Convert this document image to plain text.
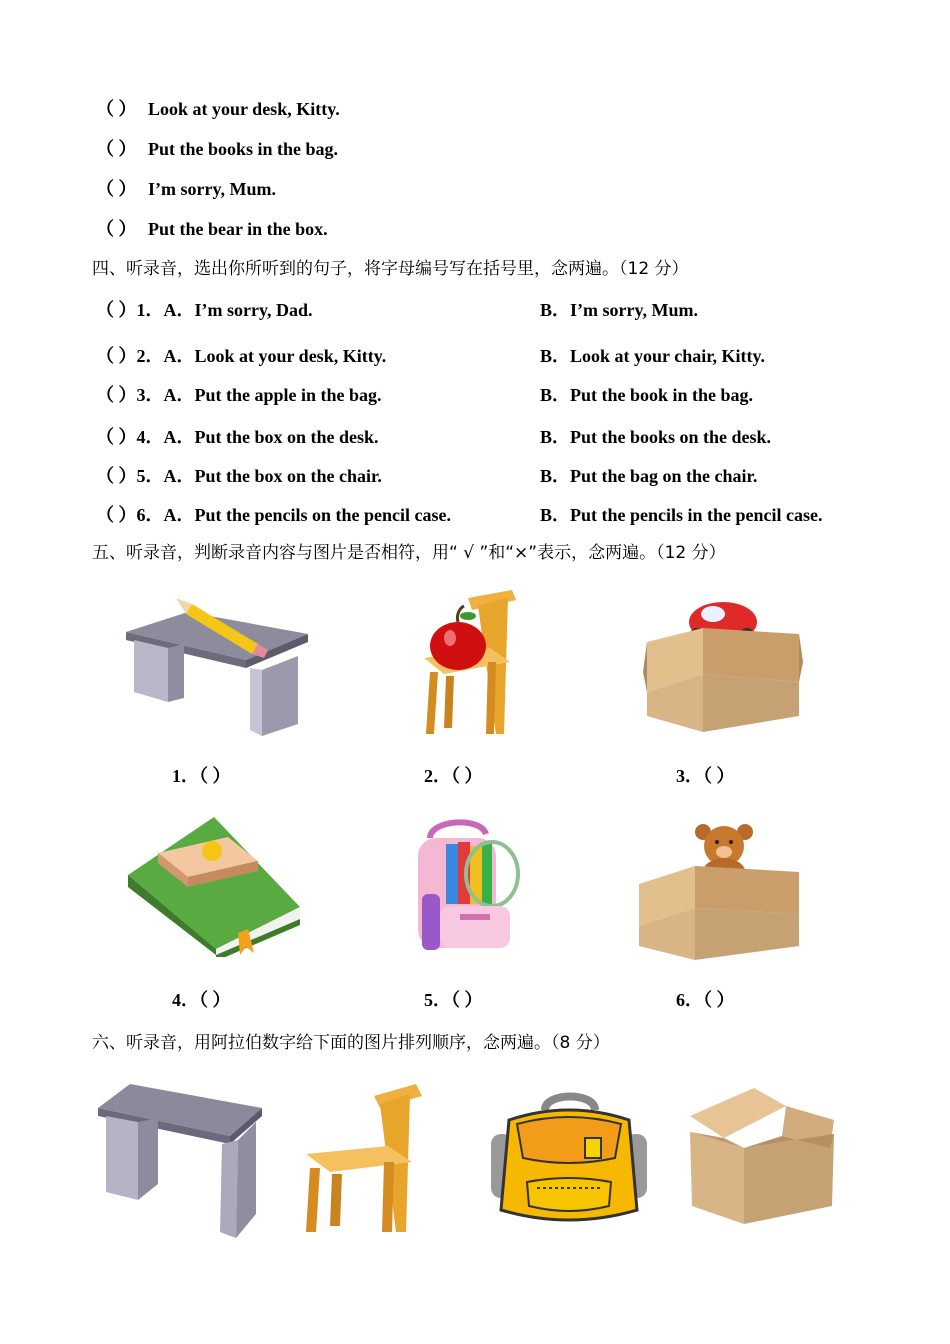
（ ） Look at your desk, Kitty.
（ ） Put the books in the bag.
（ ） I’m sorry, Mum.
（ ） Put the bear in the box.
四、听录音，选出你所听到的句子，将字母编号写在括号里，念两遍。（12 分）
（ ）1．A．I’m sorry, Dad.	B．I’m sorry, Mum.
（ ）2．A．Look at your desk, Kitty.	B．Look at your chair, Kitty.
（ ）3．A．Put the apple in the bag.	B．Put the book in the bag.
（ ）4．A．Put the box on the desk.	B．Put the books on the desk.
（ ）5．A．Put the box on the chair.	B．Put the bag on the chair.
（ ）6．A．Put the pencils on the pencil case.	B．Put the pencils in the pencil case.
五、听录音，判断录音内容与图片是否相符，用“ √ ”和“×”表示，念两遍。（12 分）
1．（ ）	2．（ ）	3．（ ）
4．（ ）	5．（ ）	6．（ ）
六、听录音，用阿拉伯数字给下面的图片排列顺序，念两遍。（8 分）
